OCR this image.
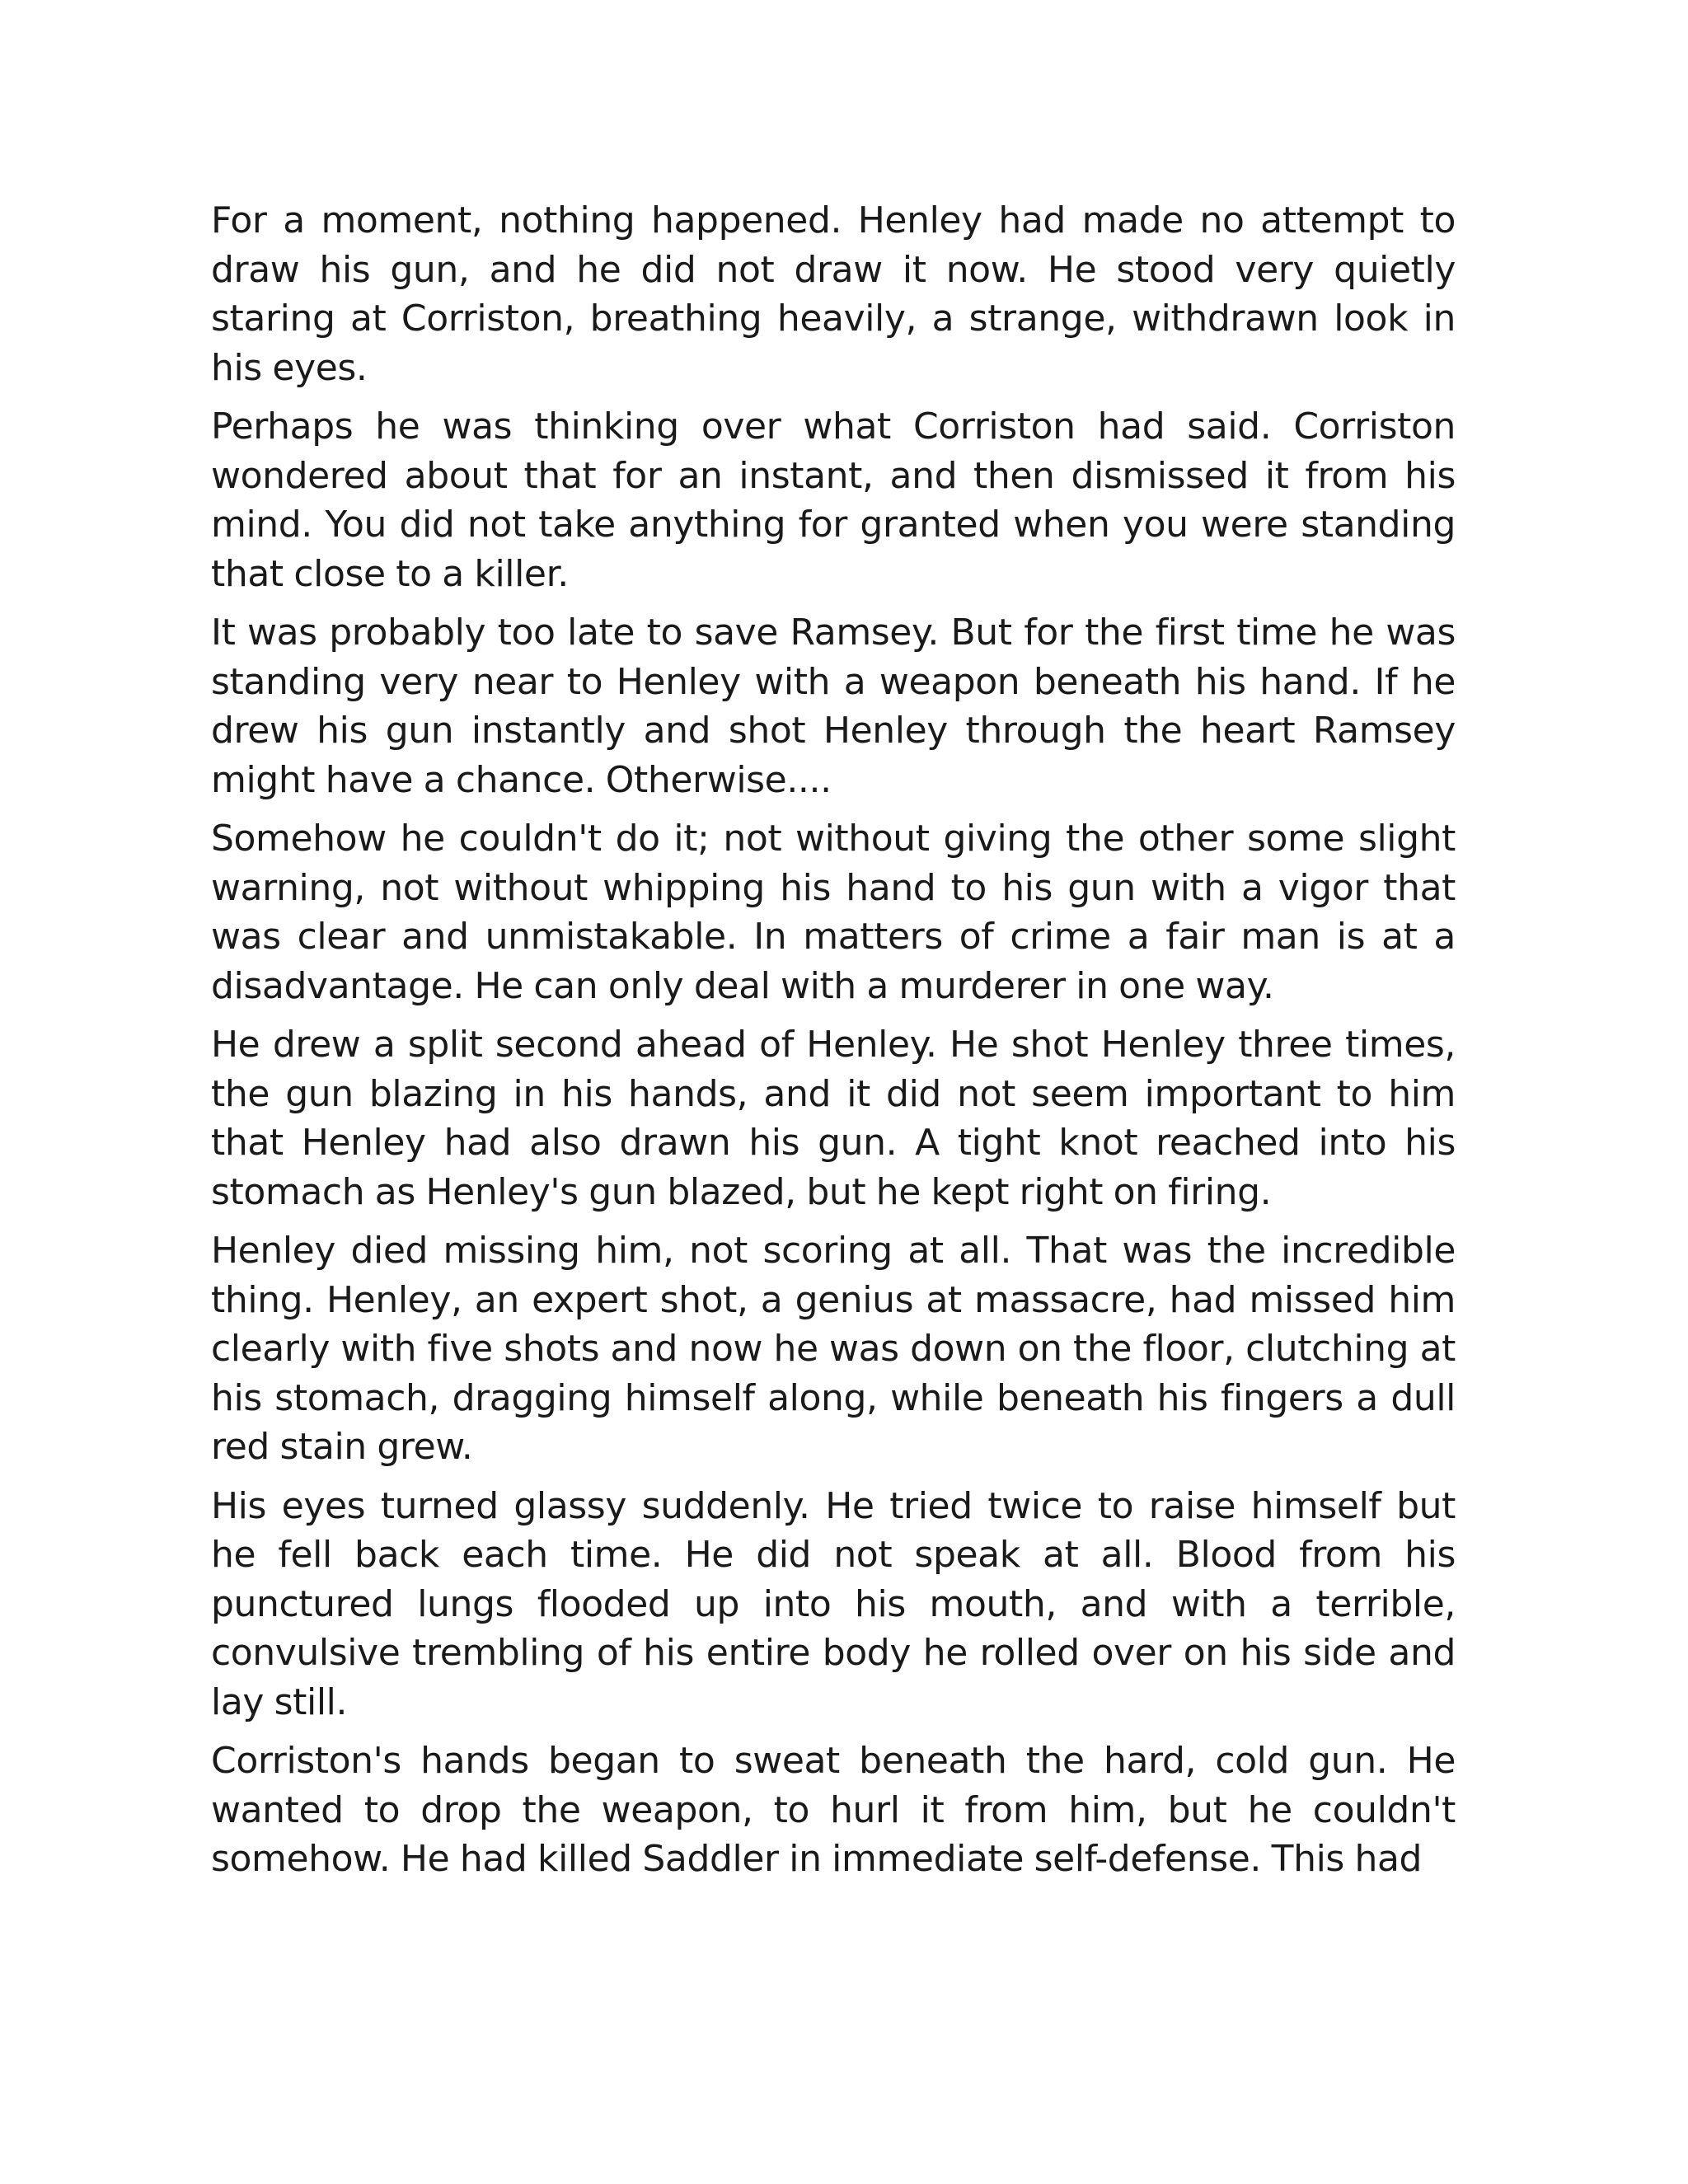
For a moment, nothing happened. Henley had made no attempt to draw his gun, and he did not draw it now. He stood very quietly staring at Corriston, breathing heavily, a strange, withdrawn look in his eyes.

Perhaps he was thinking over what Corriston had said. Corriston wondered about that for an instant, and then dismissed it from his mind. You did not take anything for granted when you were standing that close to a killer.

It was probably too late to save Ramsey. But for the first time he was standing very near to Henley with a weapon beneath his hand. If he drew his gun instantly and shot Henley through the heart Ramsey might have a chance. Otherwise....

Somehow he couldn't do it; not without giving the other some slight warning, not without whipping his hand to his gun with a vigor that was clear and unmistakable. In matters of crime a fair man is at a disadvantage. He can only deal with a murderer in one way.

He drew a split second ahead of Henley. He shot Henley three times, the gun blazing in his hands, and it did not seem important to him that Henley had also drawn his gun. A tight knot reached into his stomach as Henley's gun blazed, but he kept right on firing.

Henley died missing him, not scoring at all. That was the incredible thing. Henley, an expert shot, a genius at massacre, had missed him clearly with five shots and now he was down on the floor, clutching at his stomach, dragging himself along, while beneath his fingers a dull red stain grew.

His eyes turned glassy suddenly. He tried twice to raise himself but he fell back each time. He did not speak at all. Blood from his punctured lungs flooded up into his mouth, and with a terrible, convulsive trembling of his entire body he rolled over on his side and lay still.

Corriston's hands began to sweat beneath the hard, cold gun. He wanted to drop the weapon, to hurl it from him, but he couldn't somehow. He had killed Saddler in immediate self-defense. This had
